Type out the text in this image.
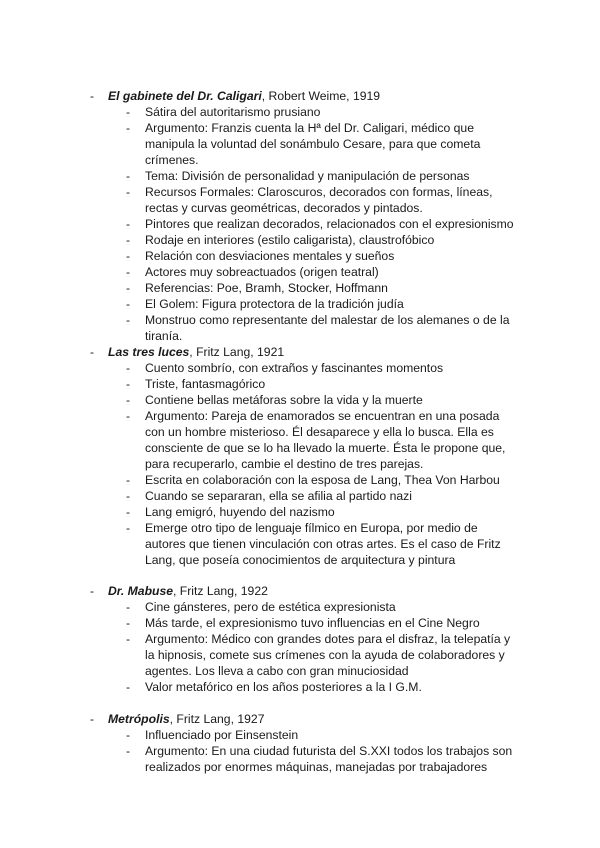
- El gabinete del Dr. Caligari, Robert Weime, 1919
- Sátira del autoritarismo prusiano
- Argumento: Franzis cuenta la Hª del Dr. Caligari, médico que manipula la voluntad del sonámbulo Cesare, para que cometa crímenes.
- Tema: División de personalidad y manipulación de personas
- Recursos Formales: Claroscuros, decorados con formas, líneas, rectas y curvas geométricas, decorados y pintados.
- Pintores que realizan decorados, relacionados con el expresionismo
- Rodaje en interiores (estilo caligarista), claustrofóbico
- Relación con desviaciones mentales y sueños
- Actores muy sobreactuados (origen teatral)
- Referencias: Poe, Bramh, Stocker, Hoffmann
- El Golem: Figura protectora de la tradición judía
- Monstruo como representante del malestar de los alemanes o de la tiranía.
- Las tres luces, Fritz Lang, 1921
- Cuento sombrío, con extraños y fascinantes momentos
- Triste, fantasmagórico
- Contiene bellas metáforas sobre la vida y la muerte
- Argumento: Pareja de enamorados se encuentran en una posada con un hombre misterioso. Él desaparece y ella lo busca. Ella es consciente de que se lo ha llevado la muerte. Ésta le propone que, para recuperarlo, cambie el destino de tres parejas.
- Escrita en colaboración con la esposa de Lang, Thea Von Harbou
- Cuando se separaran, ella se afilia al partido nazi
- Lang emigró, huyendo del nazismo
- Emerge otro tipo de lenguaje fílmico en Europa, por medio de autores que tienen vinculación con otras artes. Es el caso de Fritz Lang, que poseía conocimientos de arquitectura y pintura
- Dr. Mabuse, Fritz Lang, 1922
- Cine gánsteres, pero de estética expresionista
- Más tarde, el expresionismo tuvo influencias en el Cine Negro
- Argumento: Médico con grandes dotes para el disfraz, la telepatía y la hipnosis, comete sus crímenes con la ayuda de colaboradores y agentes. Los lleva a cabo con gran minuciosidad
- Valor metafórico en los años posteriores a la I G.M.
- Metrópolis, Fritz Lang, 1927
- Influenciado por Einsenstein
- Argumento: En una ciudad futurista del S.XXI todos los trabajos son realizados por enormes máquinas, manejadas por trabajadores
